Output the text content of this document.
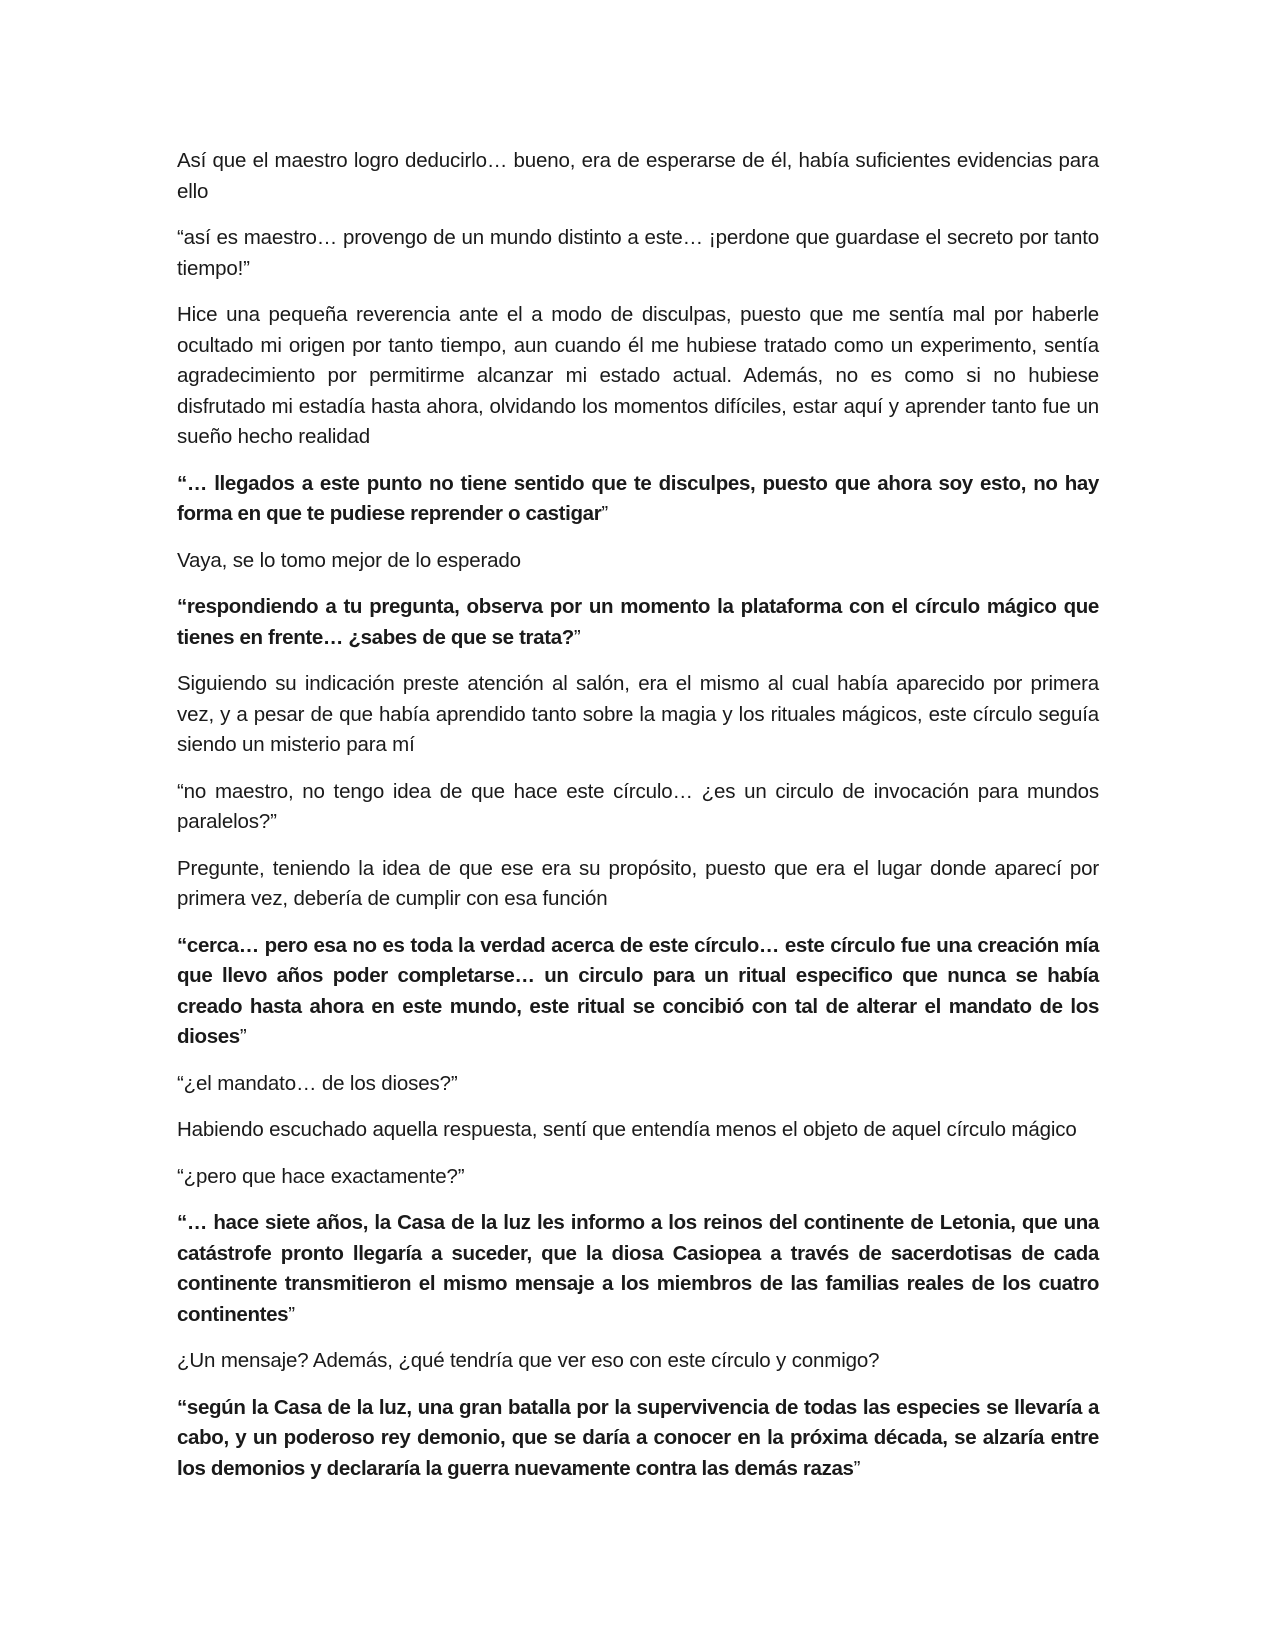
Así que el maestro logro deducirlo… bueno, era de esperarse de él, había suficientes evidencias para ello

“así es maestro… provengo de un mundo distinto a este… ¡perdone que guardase el secreto por tanto tiempo!”

Hice una pequeña reverencia ante el a modo de disculpas, puesto que me sentía mal por haberle ocultado mi origen por tanto tiempo, aun cuando él me hubiese tratado como un experimento, sentía agradecimiento por permitirme alcanzar mi estado actual. Además, no es como si no hubiese disfrutado mi estadía hasta ahora, olvidando los momentos difíciles, estar aquí y aprender tanto fue un sueño hecho realidad

“… llegados a este punto no tiene sentido que te disculpes, puesto que ahora soy esto, no hay forma en que te pudiese reprender o castigar”

Vaya, se lo tomo mejor de lo esperado

“respondiendo a tu pregunta, observa por un momento la plataforma con el círculo mágico que tienes en frente… ¿sabes de que se trata?”

Siguiendo su indicación preste atención al salón, era el mismo al cual había aparecido por primera vez, y a pesar de que había aprendido tanto sobre la magia y los rituales mágicos, este círculo seguía siendo un misterio para mí

“no maestro, no tengo idea de que hace este círculo… ¿es un circulo de invocación para mundos paralelos?”

Pregunte, teniendo la idea de que ese era su propósito, puesto que era el lugar donde aparecí por primera vez, debería de cumplir con esa función

“cerca… pero esa no es toda la verdad acerca de este círculo… este círculo fue una creación mía que llevo años poder completarse… un circulo para un ritual especifico que nunca se había creado hasta ahora en este mundo, este ritual se concibió con tal de alterar el mandato de los dioses”

“¿el mandato… de los dioses?”

Habiendo escuchado aquella respuesta, sentí que entendía menos el objeto de aquel círculo mágico

“¿pero que hace exactamente?”

“… hace siete años, la Casa de la luz les informo a los reinos del continente de Letonia, que una catástrofe pronto llegaría a suceder, que la diosa Casiopea a través de sacerdotisas de cada continente transmitieron el mismo mensaje a los miembros de las familias reales de los cuatro continentes”

¿Un mensaje? Además, ¿qué tendría que ver eso con este círculo y conmigo?

“según la Casa de la luz, una gran batalla por la supervivencia de todas las especies se llevaría a cabo, y un poderoso rey demonio, que se daría a conocer en la próxima década, se alzaría entre los demonios y declararía la guerra nuevamente contra las demás razas”
